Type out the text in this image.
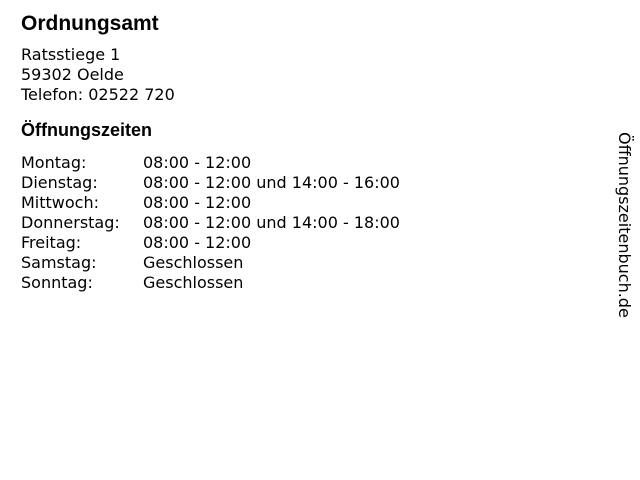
Ordnungsamt
Ratsstiege 1
59302 Oelde
Telefon: 02522 720
Öffnungszeiten
Montag:	08:00 - 12:00
Dienstag:	08:00 - 12:00 und 14:00 - 16:00
Mittwoch:	08:00 - 12:00
Donnerstag:	08:00 - 12:00 und 14:00 - 18:00
Freitag:	08:00 - 12:00
Samstag:	Geschlossen
Sonntag:	Geschlossen	Öffnungszeitenbuch.de
